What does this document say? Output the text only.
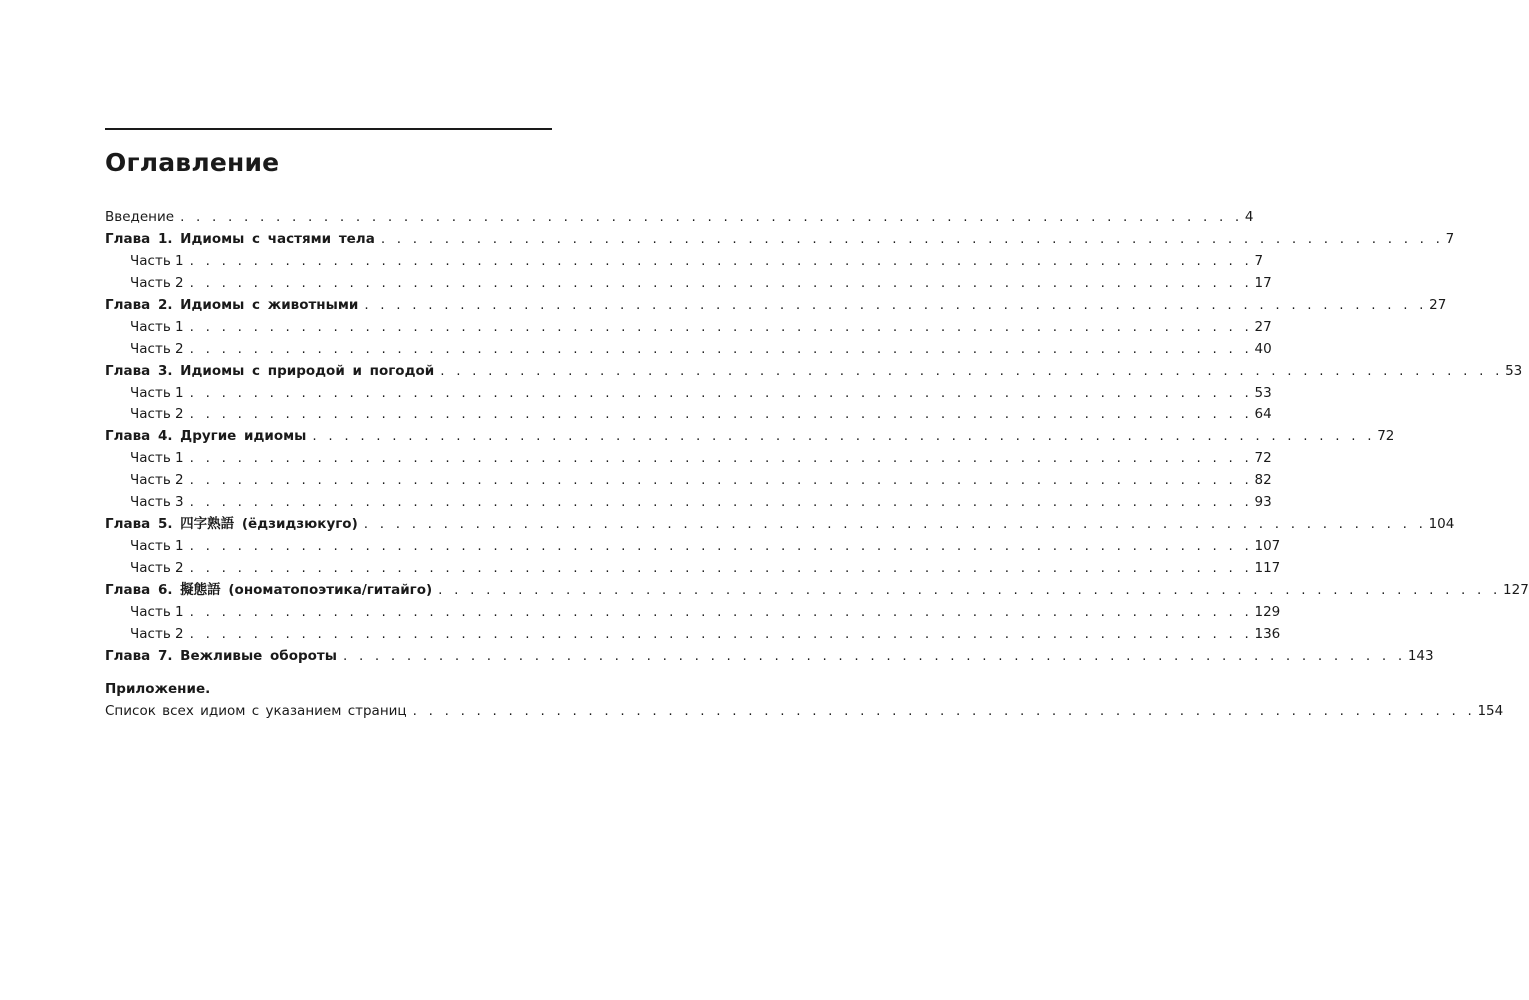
Оглавление
Введение . . . . . . . . . . . . . . . . . . . . . . . . . . . . . . . . . . . . . . . . . . . . . . . . . . . . . . . . . . . . . . . . . . . 4
Глава 1. Идиомы с частями тела . . . . . . . . . . . . . . . . . . . . . . . . . . . . . . . . . . . . . . . . . . . . . . . . . . . . . . . . . . . . . . . . . . . 7
Часть 1 . . . . . . . . . . . . . . . . . . . . . . . . . . . . . . . . . . . . . . . . . . . . . . . . . . . . . . . . . . . . . . . . . . . 7
Часть 2 . . . . . . . . . . . . . . . . . . . . . . . . . . . . . . . . . . . . . . . . . . . . . . . . . . . . . . . . . . . . . . . . . . . 17
Глава 2. Идиомы с животными . . . . . . . . . . . . . . . . . . . . . . . . . . . . . . . . . . . . . . . . . . . . . . . . . . . . . . . . . . . . . . . . . . . 27
Часть 1 . . . . . . . . . . . . . . . . . . . . . . . . . . . . . . . . . . . . . . . . . . . . . . . . . . . . . . . . . . . . . . . . . . . 27
Часть 2 . . . . . . . . . . . . . . . . . . . . . . . . . . . . . . . . . . . . . . . . . . . . . . . . . . . . . . . . . . . . . . . . . . . 40
Глава 3. Идиомы с природой и погодой . . . . . . . . . . . . . . . . . . . . . . . . . . . . . . . . . . . . . . . . . . . . . . . . . . . . . . . . . . . . . . . . . . . 53
Часть 1 . . . . . . . . . . . . . . . . . . . . . . . . . . . . . . . . . . . . . . . . . . . . . . . . . . . . . . . . . . . . . . . . . . . 53
Часть 2 . . . . . . . . . . . . . . . . . . . . . . . . . . . . . . . . . . . . . . . . . . . . . . . . . . . . . . . . . . . . . . . . . . . 64
Глава 4. Другие идиомы . . . . . . . . . . . . . . . . . . . . . . . . . . . . . . . . . . . . . . . . . . . . . . . . . . . . . . . . . . . . . . . . . . . 72
Часть 1 . . . . . . . . . . . . . . . . . . . . . . . . . . . . . . . . . . . . . . . . . . . . . . . . . . . . . . . . . . . . . . . . . . . 72
Часть 2 . . . . . . . . . . . . . . . . . . . . . . . . . . . . . . . . . . . . . . . . . . . . . . . . . . . . . . . . . . . . . . . . . . . 82
Часть 3 . . . . . . . . . . . . . . . . . . . . . . . . . . . . . . . . . . . . . . . . . . . . . . . . . . . . . . . . . . . . . . . . . . . 93
Глава 5. 四字熟語 (ёдзидзюкуго) . . . . . . . . . . . . . . . . . . . . . . . . . . . . . . . . . . . . . . . . . . . . . . . . . . . . . . . . . . . . . . . . . . . 104
Часть 1 . . . . . . . . . . . . . . . . . . . . . . . . . . . . . . . . . . . . . . . . . . . . . . . . . . . . . . . . . . . . . . . . . . . 107
Часть 2 . . . . . . . . . . . . . . . . . . . . . . . . . . . . . . . . . . . . . . . . . . . . . . . . . . . . . . . . . . . . . . . . . . . 117
Глава 6. 擬態語 (ономатопоэтика/гитайго) . . . . . . . . . . . . . . . . . . . . . . . . . . . . . . . . . . . . . . . . . . . . . . . . . . . . . . . . . . . . . . . . . . . 127
Часть 1 . . . . . . . . . . . . . . . . . . . . . . . . . . . . . . . . . . . . . . . . . . . . . . . . . . . . . . . . . . . . . . . . . . . 129
Часть 2 . . . . . . . . . . . . . . . . . . . . . . . . . . . . . . . . . . . . . . . . . . . . . . . . . . . . . . . . . . . . . . . . . . . 136
Глава 7. Вежливые обороты . . . . . . . . . . . . . . . . . . . . . . . . . . . . . . . . . . . . . . . . . . . . . . . . . . . . . . . . . . . . . . . . . . . 143

Приложение.

Список всех идиом с указанием страниц . . . . . . . . . . . . . . . . . . . . . . . . . . . . . . . . . . . . . . . . . . . . . . . . . . . . . . . . . . . . . . . . . . . 154
